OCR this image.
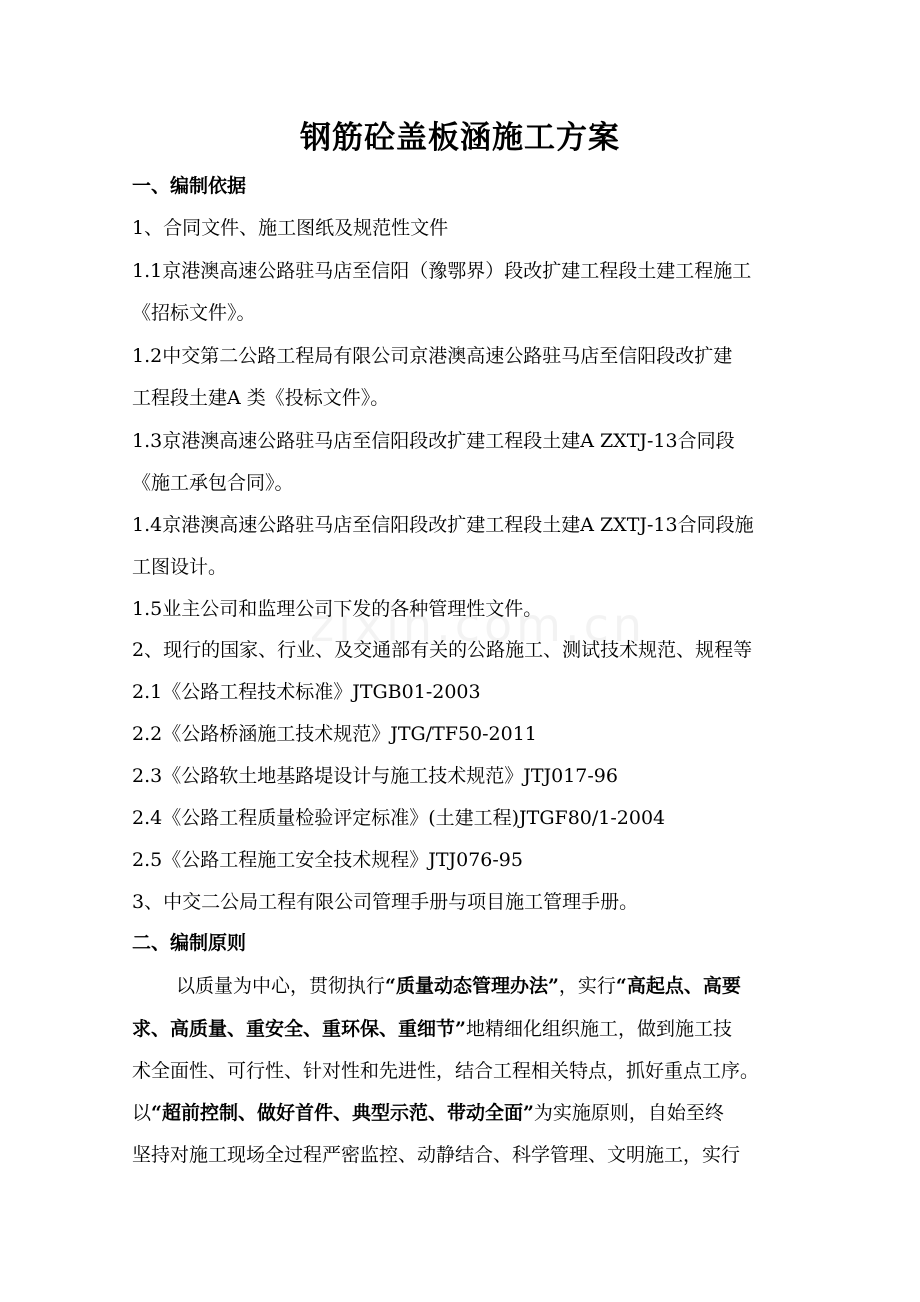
钢筋砼盖板涵施工方案
一、编制依据
1、合同文件、施工图纸及规范性文件
1.1京港澳高速公路驻马店至信阳（豫鄂界）段改扩建工程段土建工程施工
《招标文件》。
1.2中交第二公路工程局有限公司京港澳高速公路驻马店至信阳段改扩建
工程段土建A 类《投标文件》。
1.3京港澳高速公路驻马店至信阳段改扩建工程段土建A ZXTJ-13合同段
《施工承包合同》。
1.4京港澳高速公路驻马店至信阳段改扩建工程段土建A ZXTJ-13合同段施
工图设计。
1.5业主公司和监理公司下发的各种管理性文件。
2、现行的国家、行业、及交通部有关的公路施工、测试技术规范、规程等
2.1《公路工程技术标准》JTGB01-2003
2.2《公路桥涵施工技术规范》JTG/TF50-2011
2.3《公路软土地基路堤设计与施工技术规范》JTJ017-96
2.4《公路工程质量检验评定标准》(土建工程)JTGF80/1-2004
2.5《公路工程施工安全技术规程》JTJ076-95
3、中交二公局工程有限公司管理手册与项目施工管理手册。
二、编制原则
以质量为中心，贯彻执行“质量动态管理办法”，实行“高起点、高要
求、高质量、重安全、重环保、重细节”地精细化组织施工，做到施工技
术全面性、可行性、针对性和先进性，结合工程相关特点，抓好重点工序。
以“超前控制、做好首件、典型示范、带动全面”为实施原则，自始至终
坚持对施工现场全过程严密监控、动静结合、科学管理、文明施工，实行
